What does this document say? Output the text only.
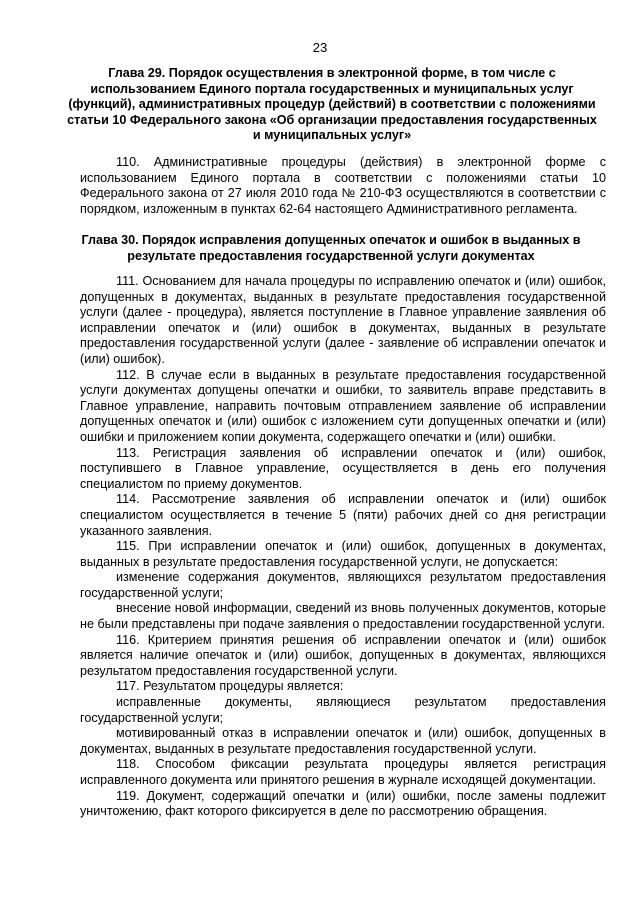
23
Глава 29. Порядок осуществления в электронной форме, в том числе с использованием Единого портала государственных и муниципальных услуг (функций), административных процедур (действий) в соответствии с положениями статьи 10 Федерального закона «Об организации предоставления государственных и муниципальных услуг»

110. Административные процедуры (действия) в электронной форме с использованием Единого портала в соответствии с положениями статьи 10 Федерального закона от 27 июля 2010 года № 210-ФЗ осуществляются в соответствии с порядком, изложенным в пунктах 62-64 настоящего Административного регламента.

Глава 30. Порядок исправления допущенных опечаток и ошибок в выданных в результате предоставления государственной услуги документах

111. Основанием для начала процедуры по исправлению опечаток и (или) ошибок, допущенных в документах, выданных в результате предоставления государственной услуги (далее - процедура), является поступление в Главное управление заявления об исправлении опечаток и (или) ошибок в документах, выданных в результате предоставления государственной услуги (далее - заявление об исправлении опечаток и (или) ошибок).

112. В случае если в выданных в результате предоставления государственной услуги документах допущены опечатки и ошибки, то заявитель вправе представить в Главное управление, направить почтовым отправлением заявление об исправлении допущенных опечаток и (или) ошибок с изложением сути допущенных опечатки и (или) ошибки и приложением копии документа, содержащего опечатки и (или) ошибки.

113. Регистрация заявления об исправлении опечаток и (или) ошибок, поступившего в Главное управление, осуществляется в день его получения специалистом по приему документов.

114. Рассмотрение заявления об исправлении опечаток и (или) ошибок специалистом осуществляется в течение 5 (пяти) рабочих дней со дня регистрации указанного заявления.

115. При исправлении опечаток и (или) ошибок, допущенных в документах, выданных в результате предоставления государственной услуги, не допускается:

изменение содержания документов, являющихся результатом предоставления государственной услуги;

внесение новой информации, сведений из вновь полученных документов, которые не были представлены при подаче заявления о предоставлении государственной услуги.

116. Критерием принятия решения об исправлении опечаток и (или) ошибок является наличие опечаток и (или) ошибок, допущенных в документах, являющихся результатом предоставления государственной услуги.

117. Результатом процедуры является:

исправленные документы, являющиеся результатом предоставления государственной услуги;

мотивированный отказ в исправлении опечаток и (или) ошибок, допущенных в документах, выданных в результате предоставления государственной услуги.

118. Способом фиксации результата процедуры является регистрация исправленного документа или принятого решения в журнале исходящей документации.

119. Документ, содержащий опечатки и (или) ошибки, после замены подлежит уничтожению, факт которого фиксируется в деле по рассмотрению обращения.
